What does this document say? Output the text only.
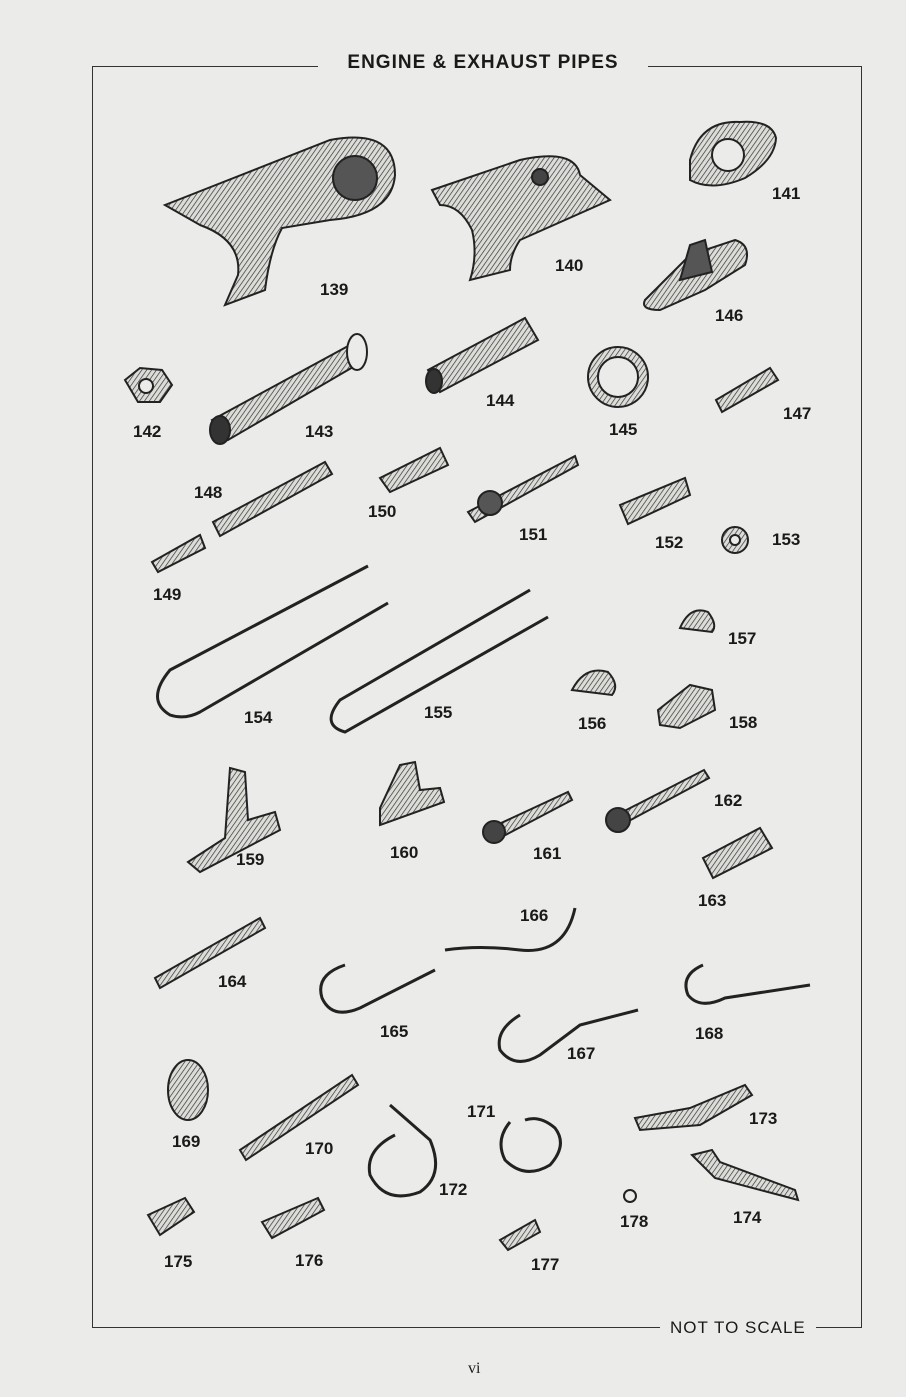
ENGINE & EXHAUST PIPES
NOT TO SCALE
vi
139
140
141
142	143
144
145
146
147
148
149
150
151	152	153
154	155
156
157
158
159	160	161
162
163
164
165
166
167
168
169	170
171
172
173
174
175	176	177
178
